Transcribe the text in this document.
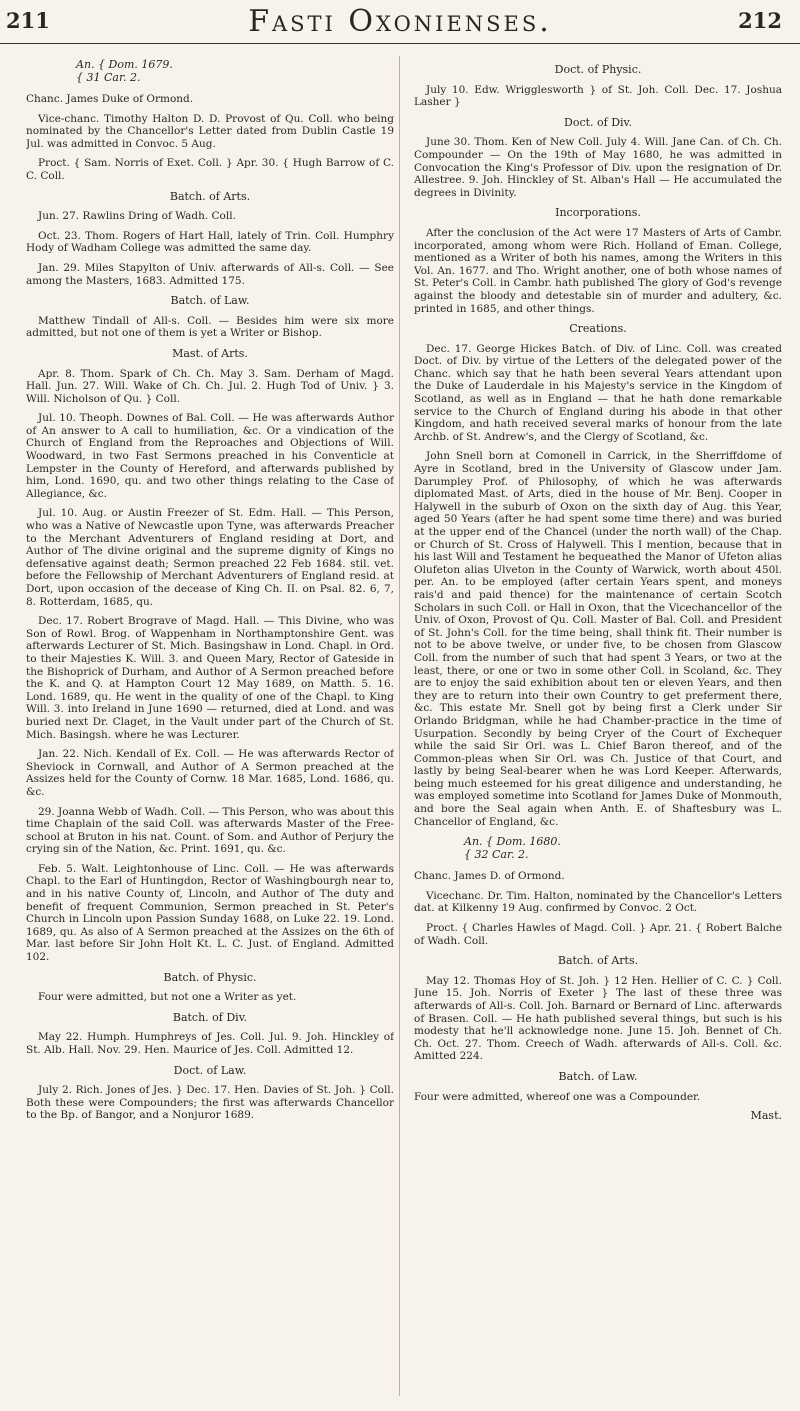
211	Fasti Oxonienses.	212
An. { Dom. 1679.
{ 31 Car. 2.

Chanc. James Duke of Ormond.

Vice-chanc. Timothy Halton D. D. Provost of Qu. Coll. who being nominated by the Chancellor's Letter dated from Dublin Castle 19 Jul. was admitted in Convoc. 5 Aug.

Proct. { Sam. Norris of Exet. Coll. } Apr. 30. { Hugh Barrow of C. C. Coll.

Batch. of Arts.

Jun. 27. Rawlins Dring of Wadh. Coll.

Oct. 23. Thom. Rogers of Hart Hall, lately of Trin. Coll. Humphry Hody of Wadham College was admitted the same day.

Jan. 29. Miles Stapylton of Univ. afterwards of All-s. Coll. — See among the Masters, 1683. Admitted 175.

Batch. of Law.

Matthew Tindall of All-s. Coll. — Besides him were six more admitted, but not one of them is yet a Writer or Bishop.

Mast. of Arts.

Apr. 8. Thom. Spark of Ch. Ch. May 3. Sam. Derham of Magd. Hall. Jun. 27. Will. Wake of Ch. Ch. Jul. 2. Hugh Tod of Univ. } 3. Will. Nicholson of Qu. } Coll.

Jul. 10. Theoph. Downes of Bal. Coll. — He was afterwards Author of An answer to A call to humiliation, &c. Or a vindication of the Church of England from the Reproaches and Objections of Will. Woodward, in two Fast Sermons preached in his Conventicle at Lempster in the County of Hereford, and afterwards published by him, Lond. 1690, qu. and two other things relating to the Case of Allegiance, &c.

Jul. 10. Aug. or Austin Freezer of St. Edm. Hall. — This Person, who was a Native of Newcastle upon Tyne, was afterwards Preacher to the Merchant Adventurers of England residing at Dort, and Author of The divine original and the supreme dignity of Kings no defensative against death; Sermon preached 22 Feb 1684. stil. vet. before the Fellowship of Merchant Adventurers of England resid. at Dort, upon occasion of the decease of King Ch. II. on Psal. 82. 6, 7, 8. Rotterdam, 1685, qu.

Dec. 17. Robert Brograve of Magd. Hall. — This Divine, who was Son of Rowl. Brog. of Wappenham in Northamptonshire Gent. was afterwards Lecturer of St. Mich. Basingshaw in Lond. Chapl. in Ord. to their Majesties K. Will. 3. and Queen Mary, Rector of Gateside in the Bishoprick of Durham, and Author of A Sermon preached before the K. and Q. at Hampton Court 12 May 1689, on Matth. 5. 16. Lond. 1689, qu. He went in the quality of one of the Chapl. to King Will. 3. into Ireland in June 1690 — returned, died at Lond. and was buried next Dr. Claget, in the Vault under part of the Church of St. Mich. Basingsh. where he was Lecturer.

Jan. 22. Nich. Kendall of Ex. Coll. — He was afterwards Rector of Sheviock in Cornwall, and Author of A Sermon preached at the Assizes held for the County of Cornw. 18 Mar. 1685, Lond. 1686, qu. &c.

29. Joanna Webb of Wadh. Coll. — This Person, who was about this time Chaplain of the said Coll. was afterwards Master of the Free-school at Bruton in his nat. Count. of Som. and Author of Perjury the crying sin of the Nation, &c. Print. 1691, qu. &c.

Feb. 5. Walt. Leightonhouse of Linc. Coll. — He was afterwards Chapl. to the Earl of Huntingdon, Rector of Washingbourgh near to, and in his native County of, Lincoln, and Author of The duty and benefit of frequent Communion, Sermon preached in St. Peter's Church in Lincoln upon Passion Sunday 1688, on Luke 22. 19. Lond. 1689, qu. As also of A Sermon preached at the Assizes on the 6th of Mar. last before Sir John Holt Kt. L. C. Just. of England. Admitted 102.

Batch. of Physic.

Four were admitted, but not one a Writer as yet.

Batch. of Div.

May 22. Humph. Humphreys of Jes. Coll. Jul. 9. Joh. Hinckley of St. Alb. Hall. Nov. 29. Hen. Maurice of Jes. Coll. Admitted 12.

Doct. of Law.

July 2. Rich. Jones of Jes. } Dec. 17. Hen. Davies of St. Joh. } Coll. Both these were Compounders; the first was afterwards Chancellor to the Bp. of Bangor, and a Nonjuror 1689.

Doct. of Physic.

July 10. Edw. Wrigglesworth } of St. Joh. Coll. Dec. 17. Joshua Lasher }

Doct. of Div.

June 30. Thom. Ken of New Coll. July 4. Will. Jane Can. of Ch. Ch. Compounder — On the 19th of May 1680, he was admitted in Convocation the King's Professor of Div. upon the resignation of Dr. Allestree. 9. Joh. Hinckley of St. Alban's Hall — He accumulated the degrees in Divinity.

Incorporations.

After the conclusion of the Act were 17 Masters of Arts of Cambr. incorporated, among whom were Rich. Holland of Eman. College, mentioned as a Writer of both his names, among the Writers in this Vol. An. 1677. and Tho. Wright another, one of both whose names of St. Peter's Coll. in Cambr. hath published The glory of God's revenge against the bloody and detestable sin of murder and adultery, &c. printed in 1685, and other things.

Creations.

Dec. 17. George Hickes Batch. of Div. of Linc. Coll. was created Doct. of Div. by virtue of the Letters of the delegated power of the Chanc. which say that he hath been several Years attendant upon the Duke of Lauderdale in his Majesty's service in the Kingdom of Scotland, as well as in England — that he hath done remarkable service to the Church of England during his abode in that other Kingdom, and hath received several marks of honour from the late Archb. of St. Andrew's, and the Clergy of Scotland, &c.

John Snell born at Comonell in Carrick, in the Sherriffdome of Ayre in Scotland, bred in the University of Glascow under Jam. Darumpley Prof. of Philosophy, of which he was afterwards diplomated Mast. of Arts, died in the house of Mr. Benj. Cooper in Halywell in the suburb of Oxon on the sixth day of Aug. this Year, aged 50 Years (after he had spent some time there) and was buried at the upper end of the Chancel (under the north wall) of the Chap. or Church of St. Cross of Halywell. This I mention, because that in his last Will and Testament he bequeathed the Manor of Ufeton alias Olufeton alias Ulveton in the County of Warwick, worth about 450l. per. An. to be employed (after certain Years spent, and moneys rais'd and paid thence) for the maintenance of certain Scotch Scholars in such Coll. or Hall in Oxon, that the Vicechancellor of the Univ. of Oxon, Provost of Qu. Coll. Master of Bal. Coll. and President of St. John's Coll. for the time being, shall think fit. Their number is not to be above twelve, or under five, to be chosen from Glascow Coll. from the number of such that had spent 3 Years, or two at the least, there, or one or two in some other Coll. in Scoland, &c. They are to enjoy the said exhibition about ten or eleven Years, and then they are to return into their own Country to get preferment there, &c. This estate Mr. Snell got by being first a Clerk under Sir Orlando Bridgman, while he had Chamber-practice in the time of Usurpation. Secondly by being Cryer of the Court of Exchequer while the said Sir Orl. was L. Chief Baron thereof, and of the Common-pleas when Sir Orl. was Ch. Justice of that Court, and lastly by being Seal-bearer when he was Lord Keeper. Afterwards, being much esteemed for his great diligence and understanding, he was employed sometime into Scotland for James Duke of Monmouth, and bore the Seal again when Anth. E. of Shaftesbury was L. Chancellor of England, &c.

An. { Dom. 1680.
{ 32 Car. 2.

Chanc. James D. of Ormond.

Vicechanc. Dr. Tim. Halton, nominated by the Chancellor's Letters dat. at Kilkenny 19 Aug. confirmed by Convoc. 2 Oct.

Proct. { Charles Hawles of Magd. Coll. } Apr. 21. { Robert Balche of Wadh. Coll.

Batch. of Arts.

May 12. Thomas Hoy of St. Joh. } 12 Hen. Hellier of C. C. } Coll. June 15. Joh. Norris of Exeter } The last of these three was afterwards of All-s. Coll. Joh. Barnard or Bernard of Linc. afterwards of Brasen. Coll. — He hath published several things, but such is his modesty that he'll acknowledge none. June 15. Joh. Bennet of Ch. Ch. Oct. 27. Thom. Creech of Wadh. afterwards of All-s. Coll. &c. Amitted 224.

Batch. of Law.

Four were admitted, whereof one was a Compounder.

Mast.
